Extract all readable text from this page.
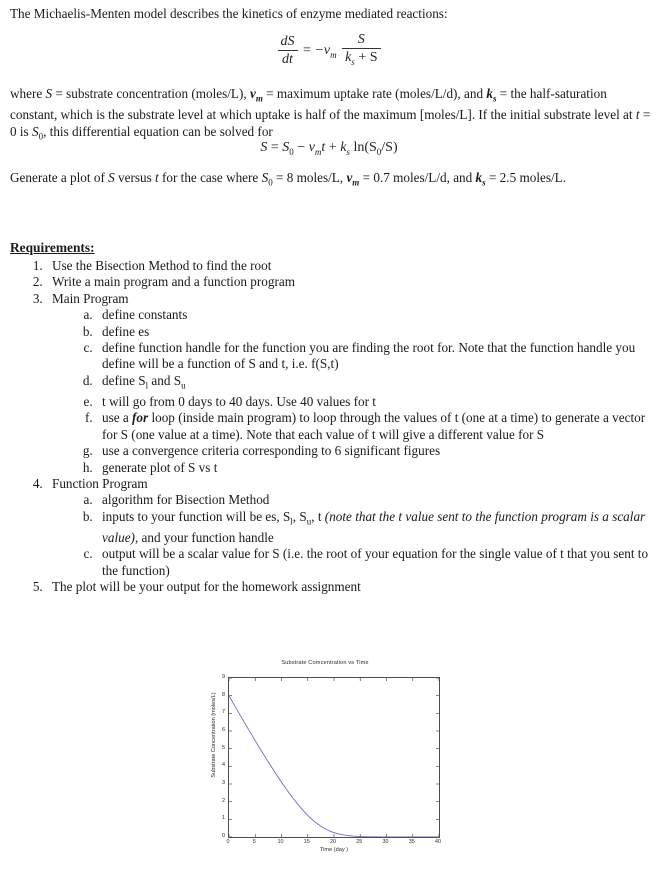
The Michaelis-Menten model describes the kinetics of enzyme mediated reactions:
$\frac{dS}{dt} = -v_m \frac{S}{k_s + S}$
where S = substrate concentration (moles/L), $v_m$ = maximum uptake rate (moles/L/d), and $k_s$ = the half-saturation constant, which is the substrate level at which uptake is half of the maximum [moles/L]. If the initial substrate level at t = 0 is $S_0$, this differential equation can be solved for
$S = S_0 - v_mt + k_s$ $\ln(S_0/S)$
Generate a plot of S versus t for the case where $S_0 = 8$ moles/L, $v_m = 0.7$ moles/L/d, and $k_s = 2.5$ moles/L.
Requirements:
1. Use the Bisection Method to find the root
2. Write a main program and a function program
3. Main Program
a. define constants
b. define es
c. define function handle for the function you are finding the root for. Note that the function handle you define will be a function of S and t, i.e. f(S,t)
d. define $S_l$ and $S_u$
e. t will go from 0 days to 40 days. Use 40 values for t
f. use a for loop (inside main program) to loop through the values of t (one at a time) to generate a vector for S (one value at a time). Note that each value of t will give a different value for S
g. use a convergence criteria corresponding to 6 significant figures
h. generate plot of S vs t
4. Function Program
a. algorithm for Bisection Method
b. inputs to your function will be es, $S_l$, $S_u$, t (note that the t value sent to the function program is a scalar value), and your function handle
c. output will be a scalar value for S (i.e. the root of your equation for the single value of t that you sent to the function)
5. The plot will be your output for the homework assignment
Substrate Comcentration vs Time
0
1
2
3
4
5
6
7
8
9
0	5	10	15	20	25	30	35	40
Time (day )
Substrate Concentration (moles/L)
